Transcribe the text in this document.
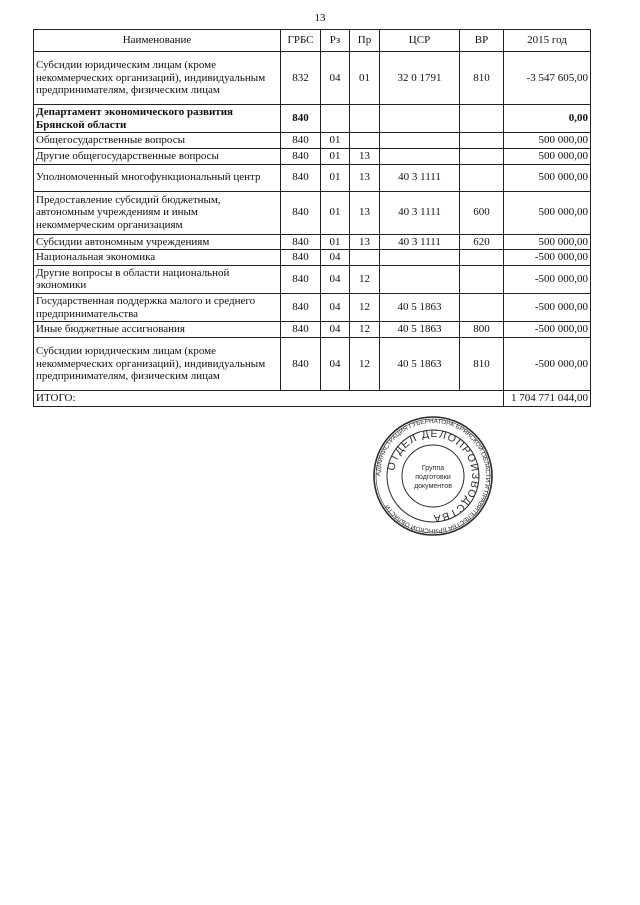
13
Наименование	ГРБС	Рз	Пр	ЦСР	ВР	2015 год
Субсидии юридическим лицам (кроме некоммерческих организаций), индивидуальным предпринимателям, физическим лицам	832	04	01	32 0 1791	810	-3 547 605,00
Департамент экономического развития Брянской области	840					0,00
Общегосударственные вопросы	840	01				500 000,00
Другие общегосударственные вопросы	840	01	13			500 000,00
Уполномоченный многофункциональный центр	840	01	13	40 3 1111		500 000,00
Предоставление субсидий бюджетным, автономным учреждениям и иным некоммерческим организациям	840	01	13	40 3 1111	600	500 000,00
Субсидии автономным учреждениям	840	01	13	40 3 1111	620	500 000,00
Национальная экономика	840	04				-500 000,00
Другие вопросы в области национальной экономики	840	04	12			-500 000,00
Государственная поддержка малого и среднего предпринимательства	840	04	12	40 5 1863		-500 000,00
Иные бюджетные ассигнования	840	04	12	40 5 1863	800	-500 000,00
Субсидии юридическим лицам (кроме некоммерческих организаций), индивидуальным предпринимателям, физическим лицам	840	04	12	40 5 1863	810	-500 000,00
ИТОГО:						1 704 771 044,00
АДМИНИСТРАЦИЯ ГУБЕРНАТОРА БРЯНСКОЙ ОБЛАСТИ И ПРАВИТЕЛЬСТВА БРЯНСКОЙ ОБЛАСТИ
ОТДЕЛ ДЕЛОПРОИЗВОДСТВА
Группа
подготовки
документов
